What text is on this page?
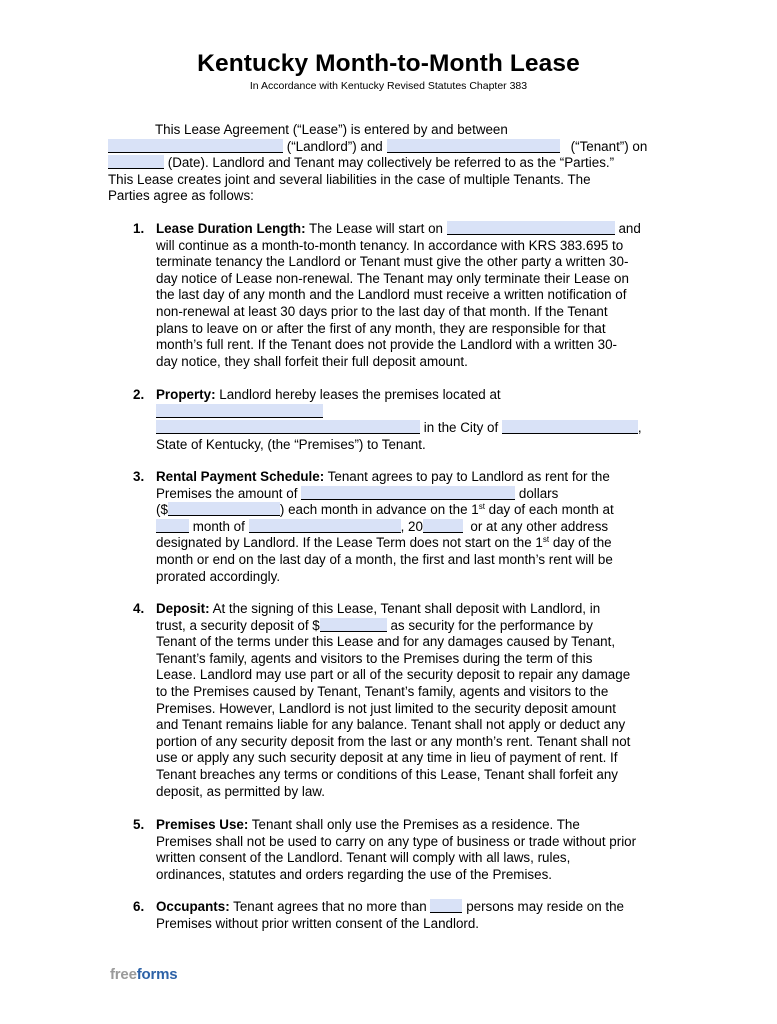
Kentucky Month-to-Month Lease
In Accordance with Kentucky Revised Statutes Chapter 383
This Lease Agreement (“Lease”) is entered by and between
(“Landlord”) and	(“Tenant”) on
(Date). Landlord and Tenant may collectively be referred to as the “Parties.”
This Lease creates joint and several liabilities in the case of multiple Tenants. The
Parties agree as follows:
1. Lease Duration Length: The Lease will start on	and
will continue as a month-to-month tenancy. In accordance with KRS 383.695 to
terminate tenancy the Landlord or Tenant must give the other party a written 30-
day notice of Lease non-renewal. The Tenant may only terminate their Lease on
the last day of any month and the Landlord must receive a written notification of
non-renewal at least 30 days prior to the last day of that month. If the Tenant
plans to leave on or after the first of any month, they are responsible for that
month’s full rent. If the Tenant does not provide the Landlord with a written 30-
day notice, they shall forfeit their full deposit amount.
2. Property: Landlord hereby leases the premises located at
in the City of	,
State of Kentucky, (the “Premises”) to Tenant.
3. Rental Payment Schedule: Tenant agrees to pay to Landlord as rent for the
Premises the amount of	dollars
($	) each month in advance on the 1st day of each month at
month of	, 20	or at any other address
designated by Landlord. If the Lease Term does not start on the 1st day of the
month or end on the last day of a month, the first and last month’s rent will be
prorated accordingly.
4. Deposit: At the signing of this Lease, Tenant shall deposit with Landlord, in
trust, a security deposit of $	as security for the performance by
Tenant of the terms under this Lease and for any damages caused by Tenant,
Tenant’s family, agents and visitors to the Premises during the term of this
Lease. Landlord may use part or all of the security deposit to repair any damage
to the Premises caused by Tenant, Tenant’s family, agents and visitors to the
Premises. However, Landlord is not just limited to the security deposit amount
and Tenant remains liable for any balance. Tenant shall not apply or deduct any
portion of any security deposit from the last or any month’s rent. Tenant shall not
use or apply any such security deposit at any time in lieu of payment of rent. If
Tenant breaches any terms or conditions of this Lease, Tenant shall forfeit any
deposit, as permitted by law.
5. Premises Use: Tenant shall only use the Premises as a residence. The
Premises shall not be used to carry on any type of business or trade without prior
written consent of the Landlord. Tenant will comply with all laws, rules,
ordinances, statutes and orders regarding the use of the Premises.
6. Occupants: Tenant agrees that no more than	persons may reside on the
Premises without prior written consent of the Landlord.
freeforms
